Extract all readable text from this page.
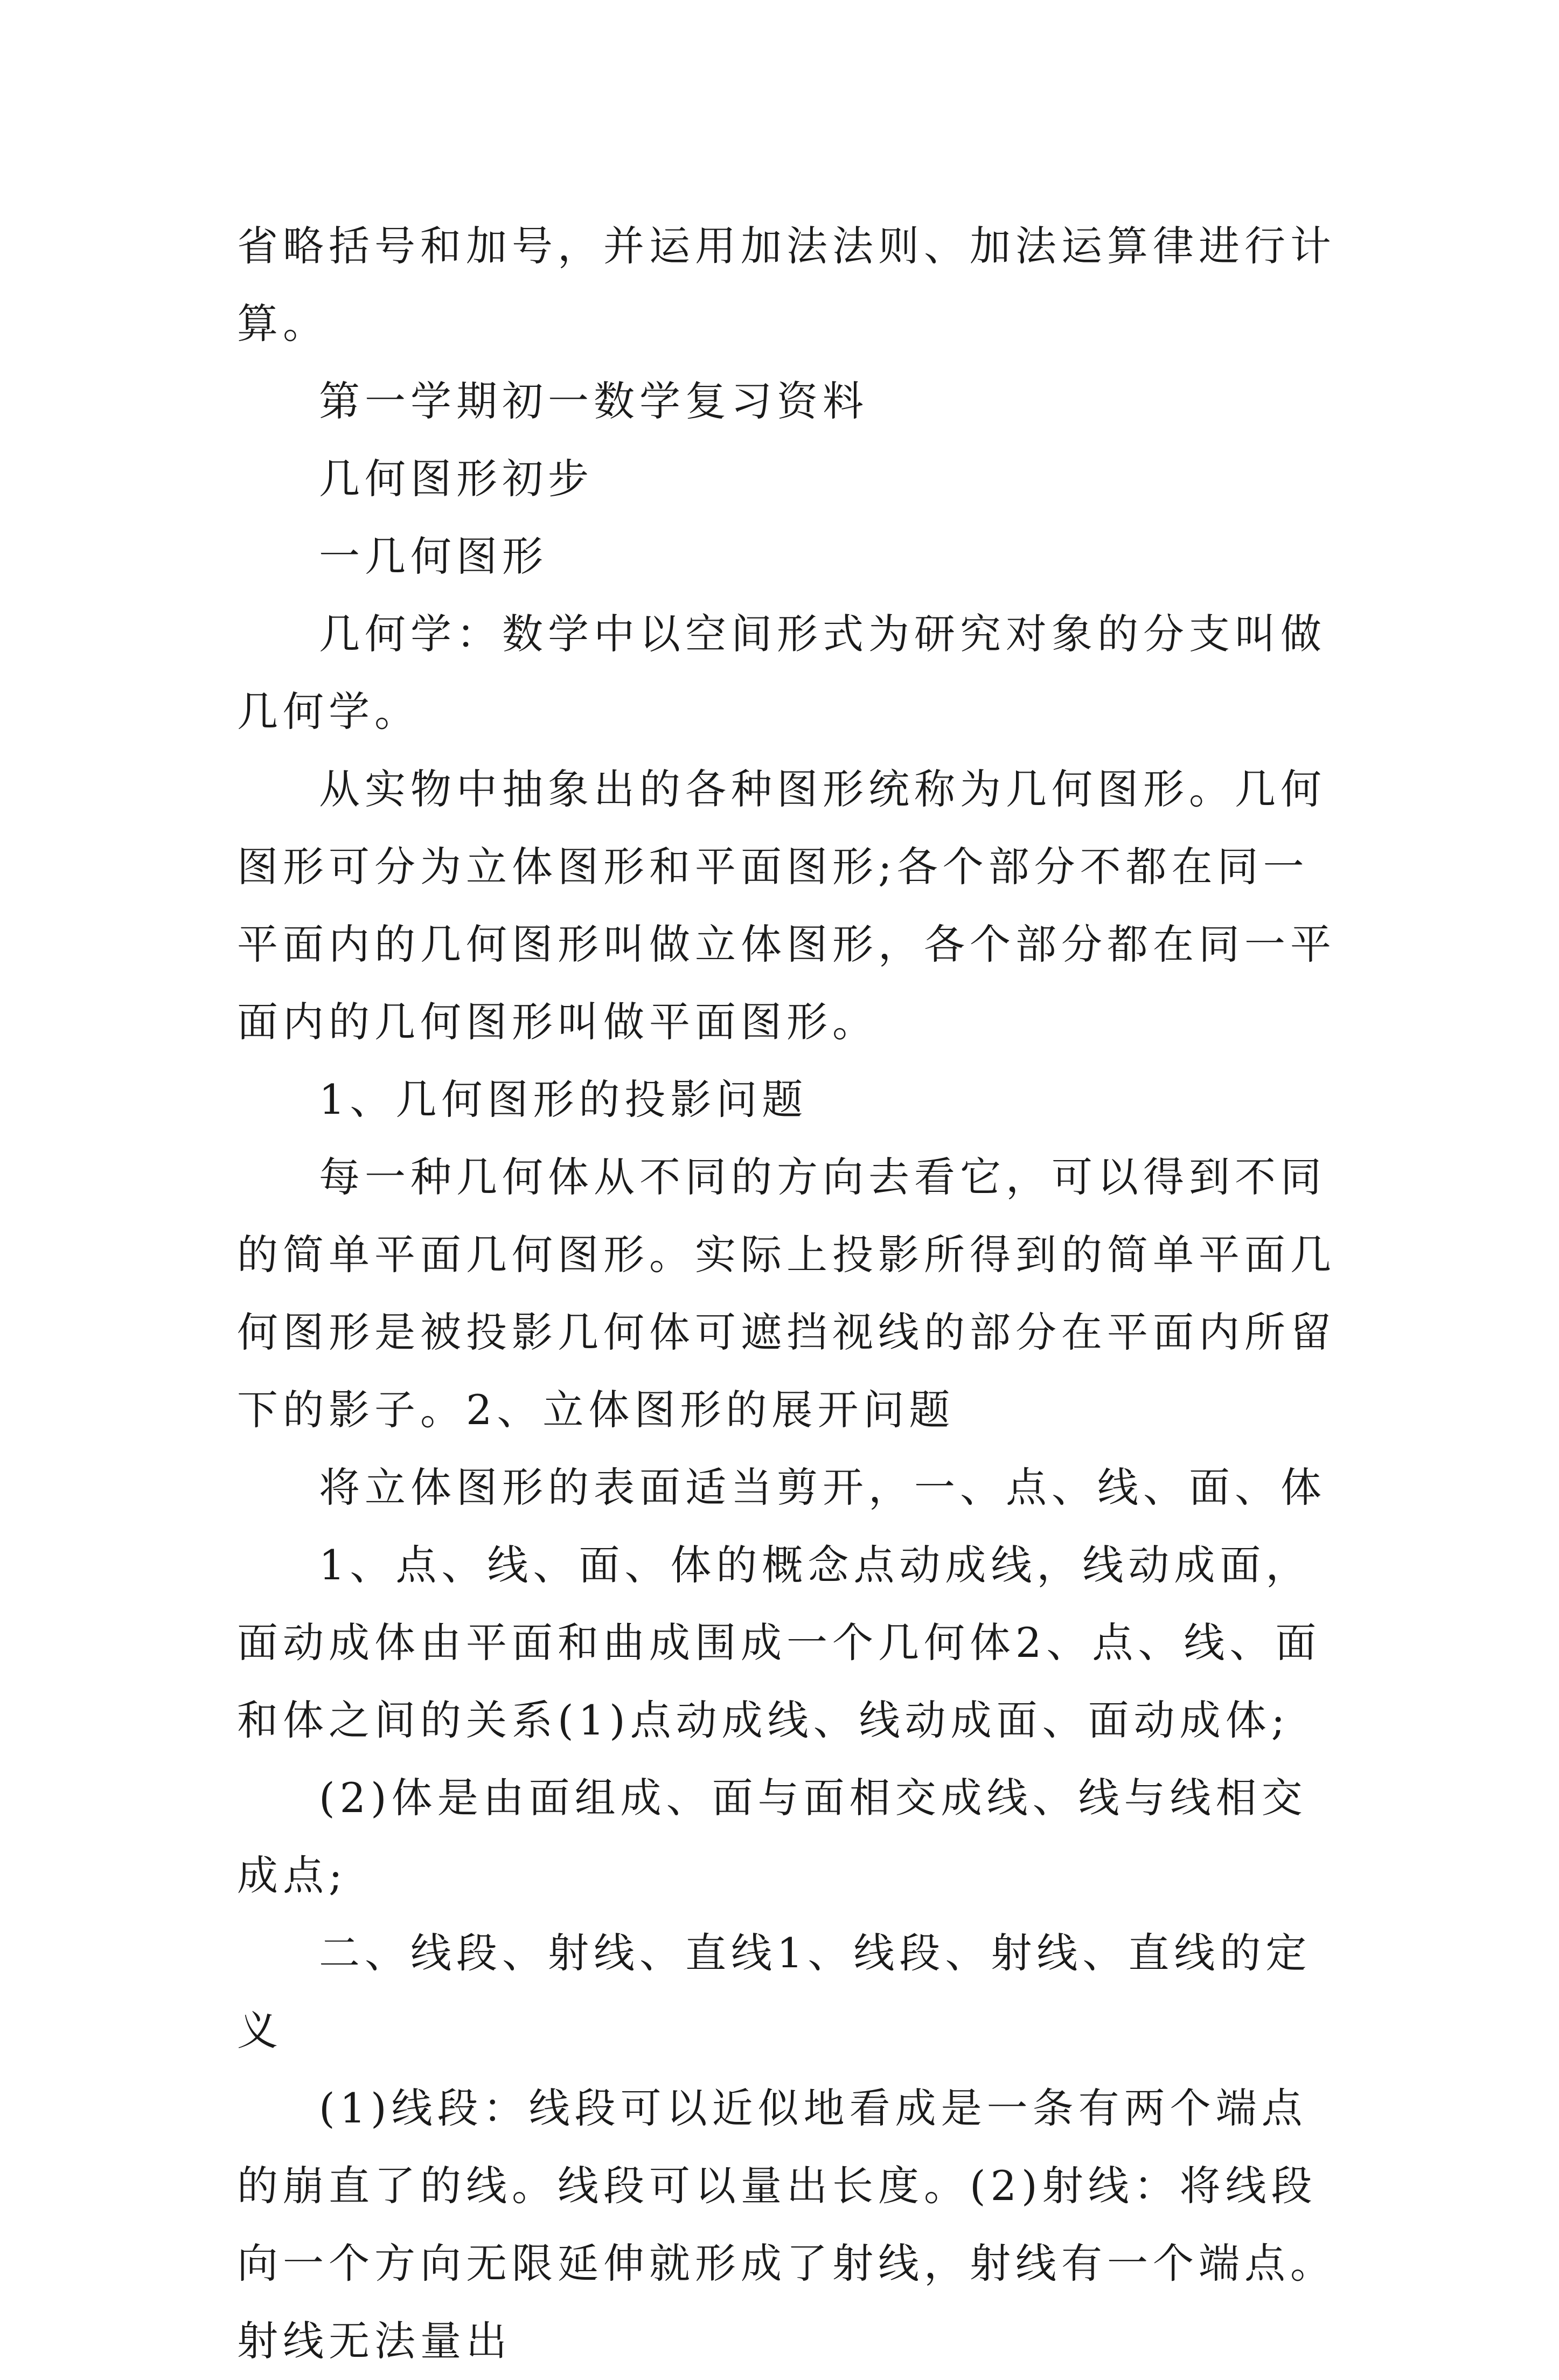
省略括号和加号，并运用加法法则、加法运算律进行计算。

第一学期初一数学复习资料

几何图形初步

一几何图形

几何学：数学中以空间形式为研究对象的分支叫做几何学。

从实物中抽象出的各种图形统称为几何图形。几何图形可分为立体图形和平面图形;各个部分不都在同一平面内的几何图形叫做立体图形，各个部分都在同一平面内的几何图形叫做平面图形。

1、几何图形的投影问题

每一种几何体从不同的方向去看它，可以得到不同的简单平面几何图形。实际上投影所得到的简单平面几何图形是被投影几何体可遮挡视线的部分在平面内所留下的影子。2、立体图形的展开问题

将立体图形的表面适当剪开，一、点、线、面、体

1、点、线、面、体的概念点动成线，线动成面，面动成体由平面和曲成围成一个几何体2、点、线、面和体之间的关系(1)点动成线、线动成面、面动成体;

(2)体是由面组成、面与面相交成线、线与线相交成点;

二、线段、射线、直线1、线段、射线、直线的定义

(1)线段：线段可以近似地看成是一条有两个端点的崩直了的线。线段可以量出长度。(2)射线：将线段向一个方向无限延伸就形成了射线，射线有一个端点。射线无法量出
